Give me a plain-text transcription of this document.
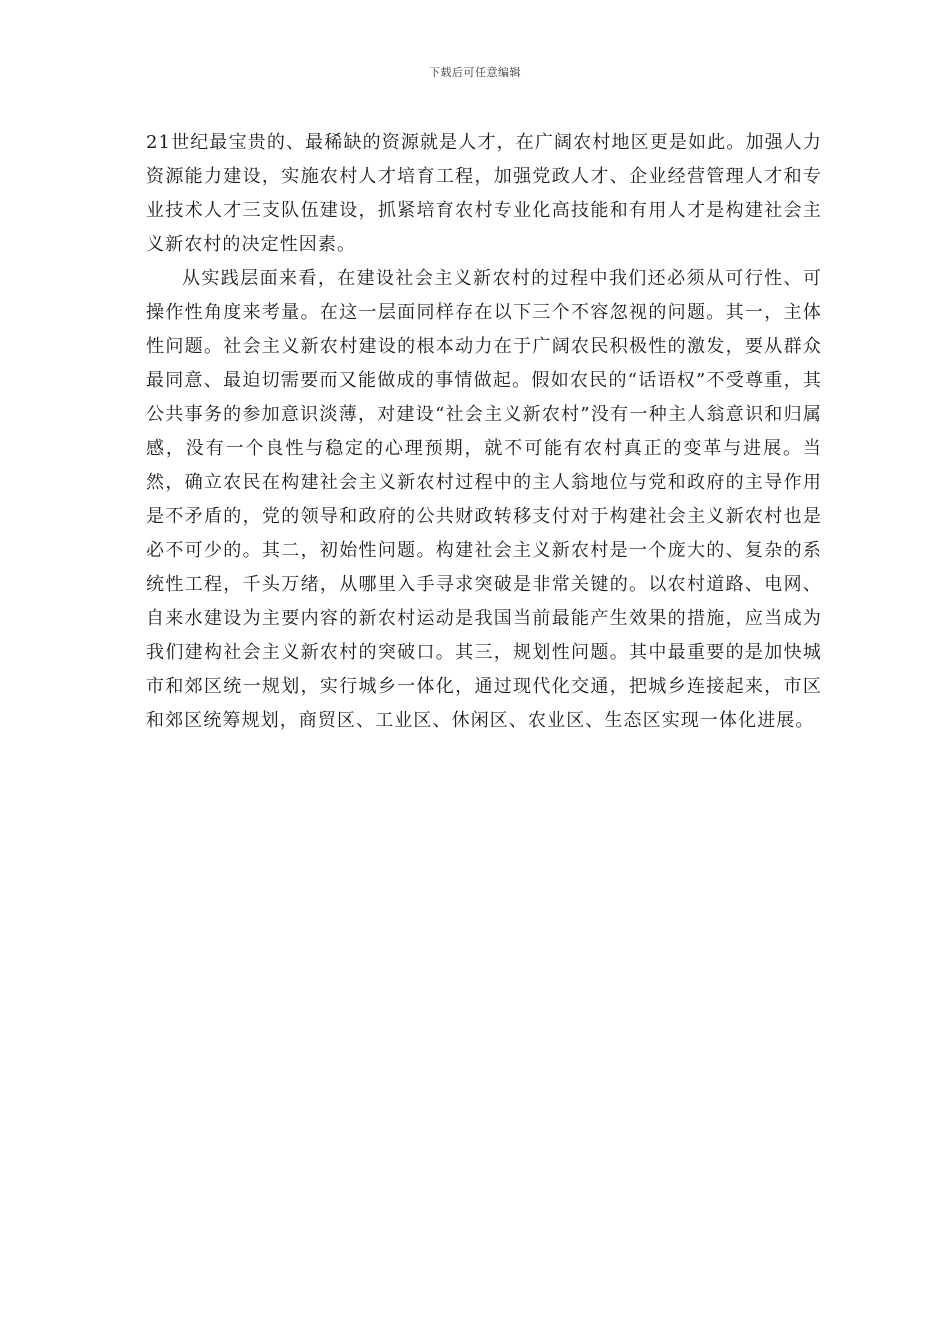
下载后可任意编辑

21世纪最宝贵的、最稀缺的资源就是人才，在广阔农村地区更是如此。加强人力资源能力建设，实施农村人才培育工程，加强党政人才、企业经营管理人才和专业技术人才三支队伍建设，抓紧培育农村专业化高技能和有用人才是构建社会主义新农村的决定性因素。

从实践层面来看，在建设社会主义新农村的过程中我们还必须从可行性、可操作性角度来考量。在这一层面同样存在以下三个不容忽视的问题。其一，主体性问题。社会主义新农村建设的根本动力在于广阔农民积极性的激发，要从群众最同意、最迫切需要而又能做成的事情做起。假如农民的“话语权”不受尊重，其公共事务的参加意识淡薄，对建设“社会主义新农村”没有一种主人翁意识和归属感，没有一个良性与稳定的心理预期，就不可能有农村真正的变革与进展。当然，确立农民在构建社会主义新农村过程中的主人翁地位与党和政府的主导作用是不矛盾的，党的领导和政府的公共财政转移支付对于构建社会主义新农村也是必不可少的。其二，初始性问题。构建社会主义新农村是一个庞大的、复杂的系统性工程，千头万绪，从哪里入手寻求突破是非常关键的。以农村道路、电网、自来水建设为主要内容的新农村运动是我国当前最能产生效果的措施，应当成为我们建构社会主义新农村的突破口。其三，规划性问题。其中最重要的是加快城市和郊区统一规划，实行城乡一体化，通过现代化交通，把城乡连接起来，市区和郊区统筹规划，商贸区、工业区、休闲区、农业区、生态区实现一体化进展。
